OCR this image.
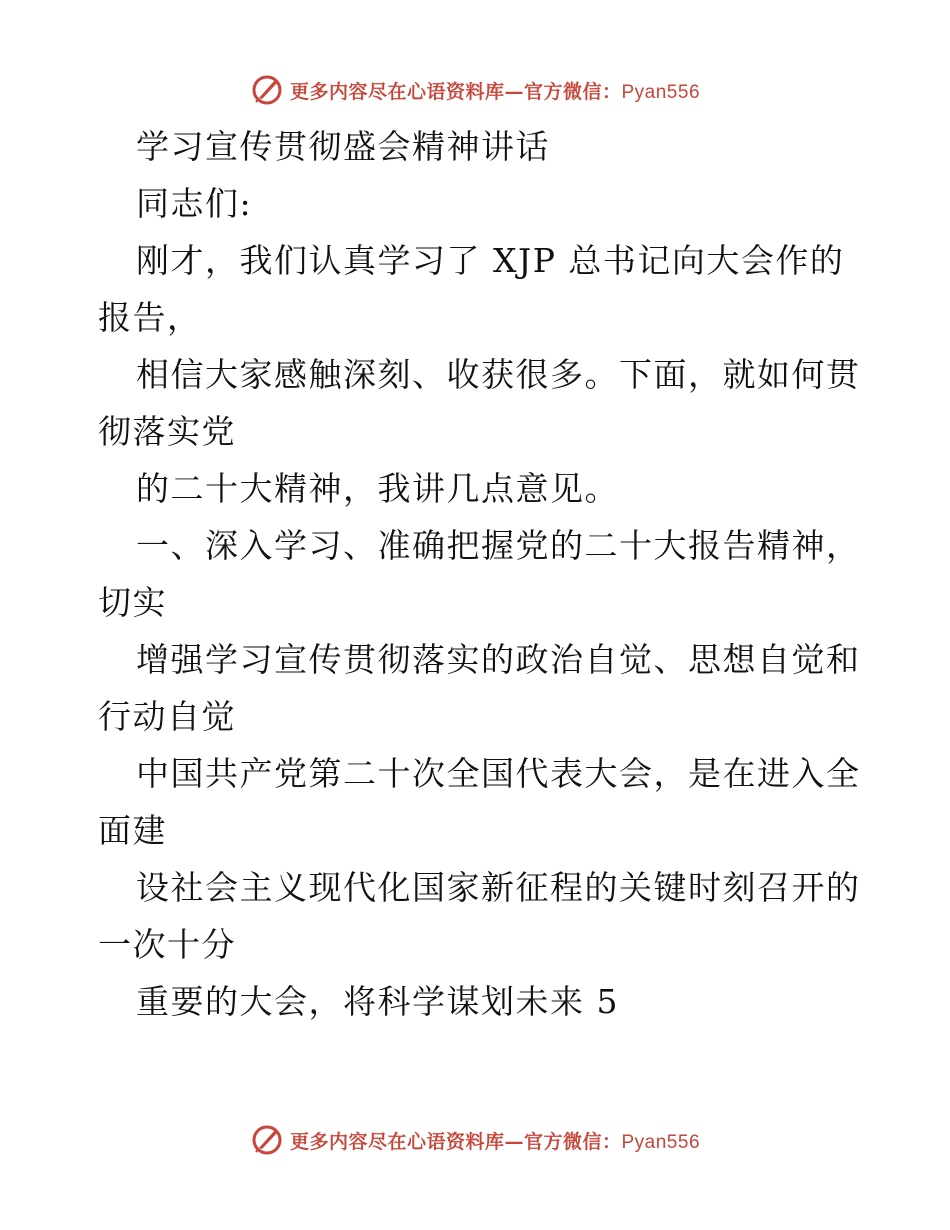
更多内容尽在心语资料库—官方微信：Pyan556
学习宣传贯彻盛会精神讲话
同志们:
刚才，我们认真学习了 XJP 总书记向大会作的
报告，
相信大家感触深刻、收获很多。下面，就如何贯
彻落实党
的二十大精神，我讲几点意见。
一、深入学习、准确把握党的二十大报告精神，
切实
增强学习宣传贯彻落实的政治自觉、思想自觉和
行动自觉
中国共产党第二十次全国代表大会，是在进入全
面建
设社会主义现代化国家新征程的关键时刻召开的
一次十分
重要的大会，将科学谋划未来 5
更多内容尽在心语资料库—官方微信：Pyan556
